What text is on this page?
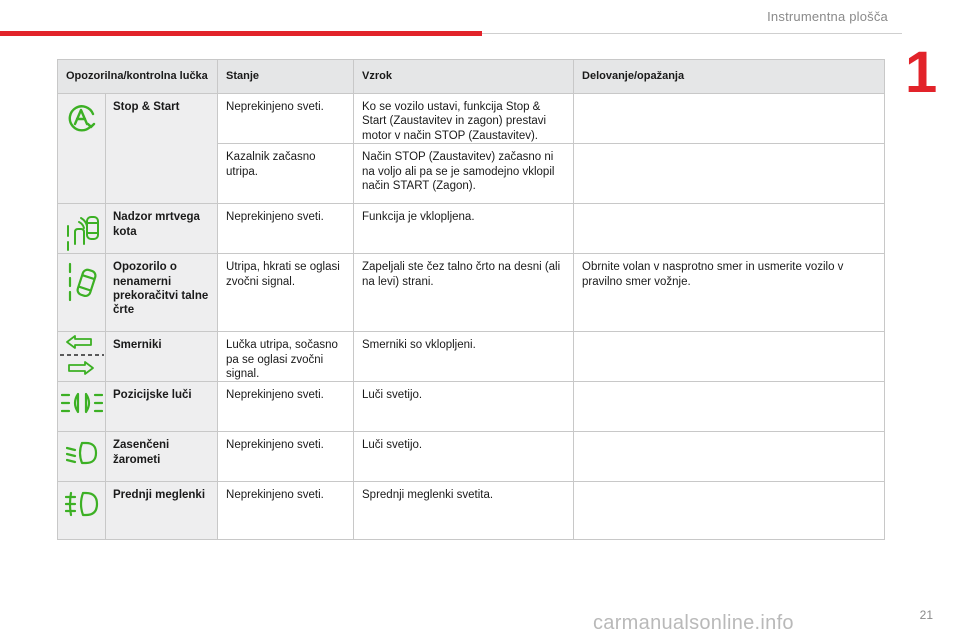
Instrumentna plošča
1
Opozorilna/kontrolna lučka		Stanje	Vzrok	Delovanje/opažanja

	Stop & Start	Neprekinjeno sveti.	Ko se vozilo ustavi, funkcija Stop & Start (Zaustavitev in zagon) prestavi motor v način STOP (Zaustavitev).	
		Kazalnik začasno utripa.	Način STOP (Zaustavitev) začasno ni na voljo ali pa se je samodejno vklopil način START (Zagon).	

	Nadzor mrtvega kota	Neprekinjeno sveti.	Funkcija je vklopljena.	

	Opozorilo o nenamerni prekoračitvi talne črte	Utripa, hkrati se oglasi zvočni signal.	Zapeljali ste čez talno črto na desni (ali na levi) strani.	Obrnite volan v nasprotno smer in usmerite vozilo v pravilno smer vožnje.

	Smerniki	Lučka utripa, sočasno pa se oglasi zvočni signal.	Smerniki so vklopljeni.	

	Pozicijske luči	Neprekinjeno sveti.	Luči svetijo.	

	Zasenčeni žarometi	Neprekinjeno sveti.	Luči svetijo.	

	Prednji meglenki	Neprekinjeno sveti.	Sprednji meglenki svetita.	
21
carmanualsonline.info
